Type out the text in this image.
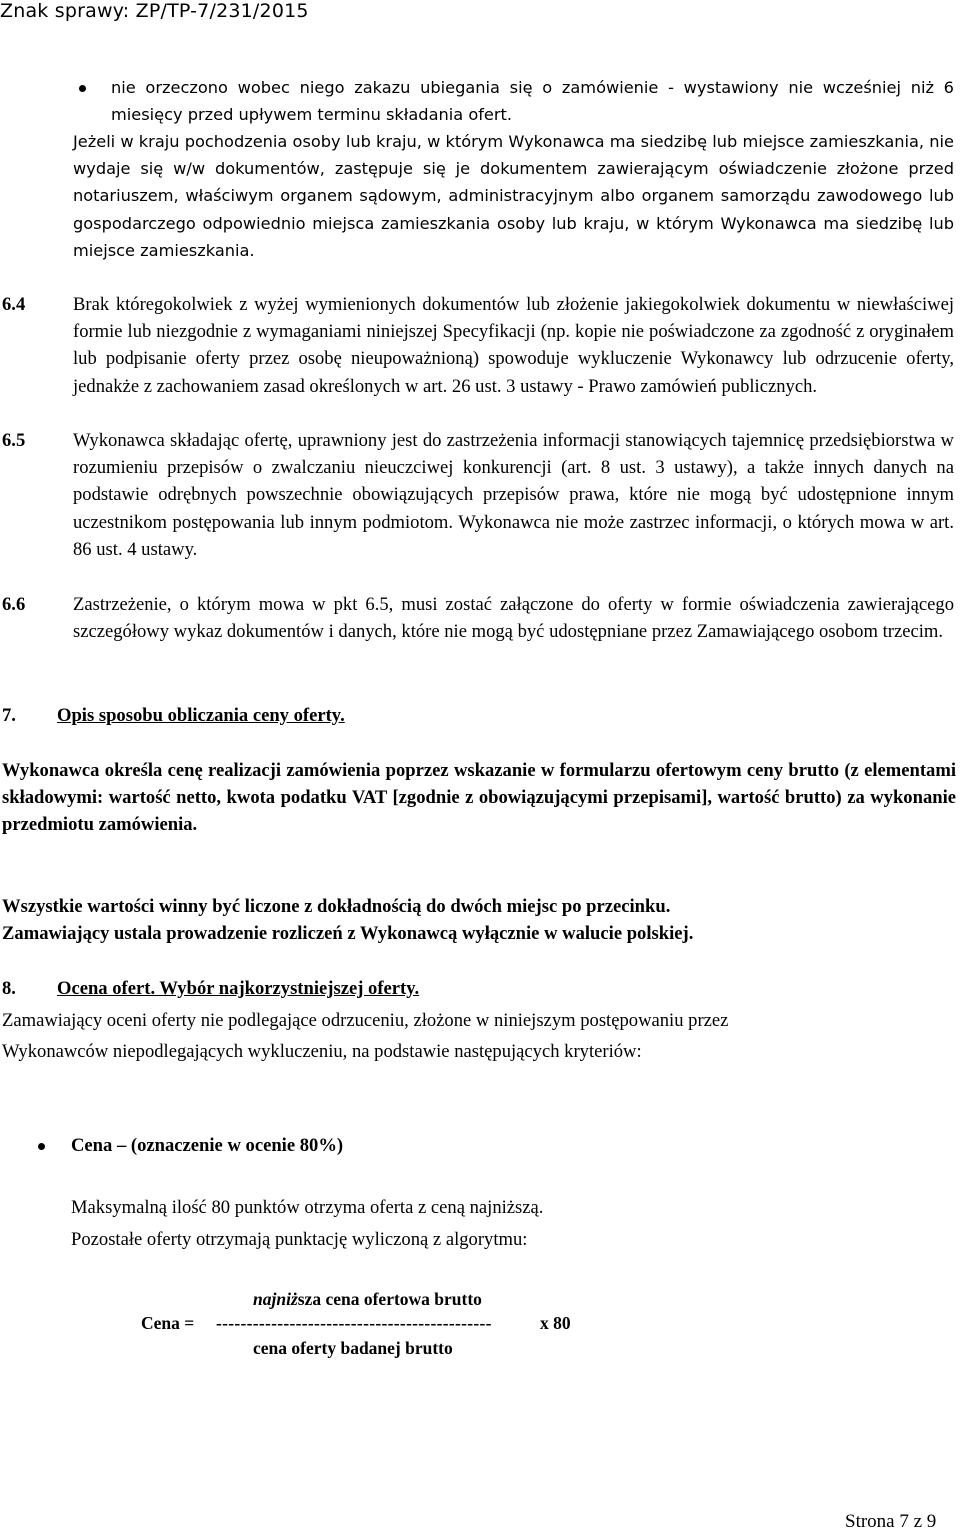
Znak sprawy: ZP/TP-7/231/2015
nie orzeczono wobec niego zakazu ubiegania się o zamówienie - wystawiony nie wcześniej niż 6 miesięcy przed upływem terminu składania ofert.
Jeżeli w kraju pochodzenia osoby lub kraju, w którym Wykonawca ma siedzibę lub miejsce zamieszkania, nie wydaje się w/w dokumentów, zastępuje się je dokumentem zawierającym oświadczenie złożone przed notariuszem, właściwym organem sądowym, administracyjnym albo organem samorządu zawodowego lub gospodarczego odpowiednio miejsca zamieszkania osoby lub kraju, w którym Wykonawca ma siedzibę lub miejsce zamieszkania.
6.4	Brak któregokolwiek z wyżej wymienionych dokumentów lub złożenie jakiegokolwiek dokumentu w niewłaściwej formie lub niezgodnie z wymaganiami niniejszej Specyfikacji (np. kopie nie poświadczone za zgodność z oryginałem lub podpisanie oferty przez osobę nieupoważnioną) spowoduje wykluczenie Wykonawcy lub odrzucenie oferty, jednakże z zachowaniem zasad określonych w art. 26 ust. 3 ustawy - Prawo zamówień publicznych.
6.5	Wykonawca składając ofertę, uprawniony jest do zastrzeżenia informacji stanowiących tajemnicę przedsiębiorstwa w rozumieniu przepisów o zwalczaniu nieuczciwej konkurencji (art. 8 ust. 3 ustawy), a także innych danych na podstawie odrębnych powszechnie obowiązujących przepisów prawa, które nie mogą być udostępnione innym uczestnikom postępowania lub innym podmiotom. Wykonawca nie może zastrzec informacji, o których mowa w art. 86 ust. 4 ustawy.
6.6	Zastrzeżenie, o którym mowa w pkt 6.5, musi zostać załączone do oferty w formie oświadczenia zawierającego szczegółowy wykaz dokumentów i danych, które nie mogą być udostępniane przez Zamawiającego osobom trzecim.
7. Opis sposobu obliczania ceny oferty.
Wykonawca określa cenę realizacji zamówienia poprzez wskazanie w formularzu ofertowym ceny brutto (z elementami składowymi: wartość netto, kwota podatku VAT [zgodnie z obowiązującymi przepisami], wartość brutto) za wykonanie przedmiotu zamówienia.
Wszystkie wartości winny być liczone z dokładnością do dwóch miejsc po przecinku.
Zamawiający ustala prowadzenie rozliczeń z Wykonawcą wyłącznie w walucie polskiej.
8. Ocena ofert. Wybór najkorzystniejszej oferty.
Zamawiający oceni oferty nie podlegające odrzuceniu, złożone w niniejszym postępowaniu przez
Wykonawców niepodlegających wykluczeniu, na podstawie następujących kryteriów:
Cena – (oznaczenie w ocenie 80%)
Maksymalną ilość 80 punktów otrzyma oferta z ceną najniższą.
Pozostałe oferty otrzymają punktację wyliczoną z algorytmu:
najniższa cena ofertowa brutto
Cena = ---------------------------------------------	x 80
cena oferty badanej brutto
Strona 7 z 9
